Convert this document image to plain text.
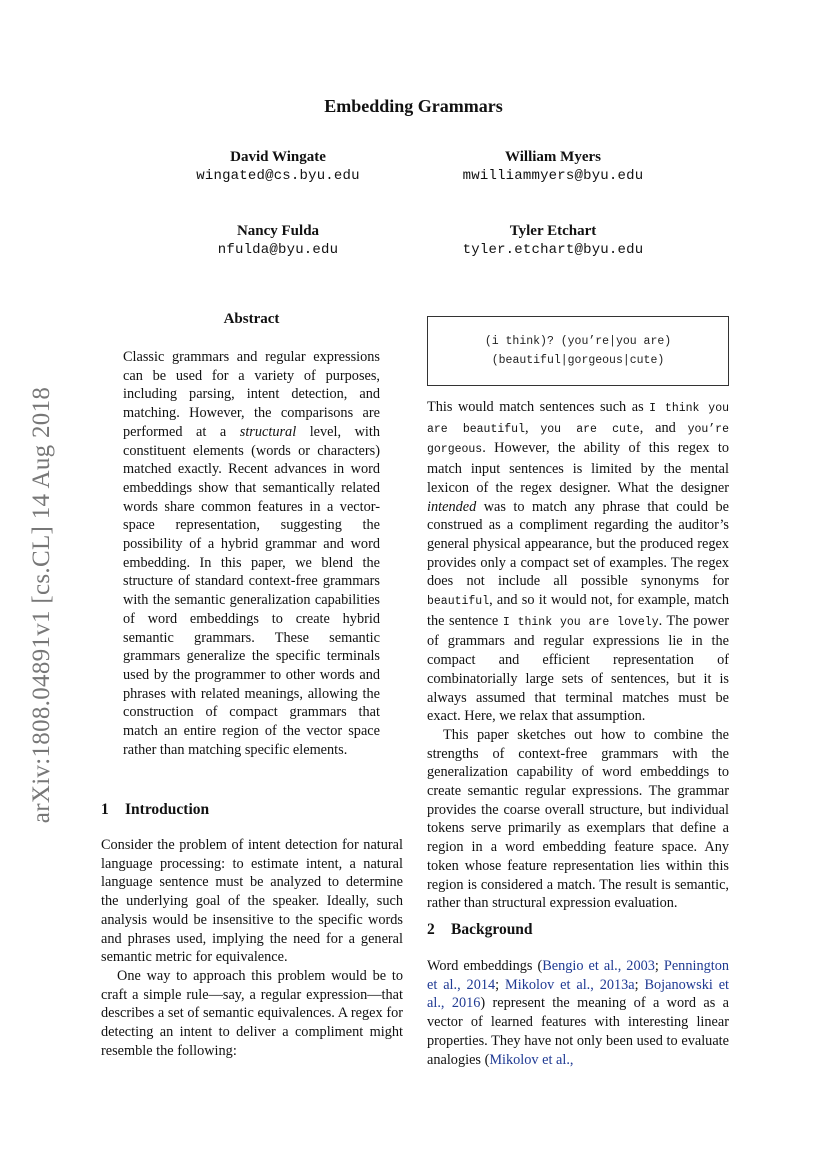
Embedding Grammars
David Wingate
wingated@cs.byu.edu
William Myers
mwilliammyers@byu.edu
Nancy Fulda
nfulda@byu.edu
Tyler Etchart
tyler.etchart@byu.edu
arXiv:1808.04891v1 [cs.CL] 14 Aug 2018
Abstract

Classic grammars and regular expressions can be used for a variety of purposes, including parsing, intent detection, and matching. However, the comparisons are performed at a structural level, with constituent elements (words or characters) matched exactly. Recent advances in word embeddings show that semantically related words share common features in a vector-space representation, suggesting the possibility of a hybrid grammar and word embedding. In this paper, we blend the structure of standard context-free grammars with the semantic generalization capabilities of word embeddings to create hybrid semantic grammars. These semantic grammars generalize the specific terminals used by the programmer to other words and phrases with related meanings, allowing the construction of compact grammars that match an entire region of the vector space rather than matching specific elements.

1 Introduction

Consider the problem of intent detection for natural language processing: to estimate intent, a natural language sentence must be analyzed to determine the underlying goal of the speaker. Ideally, such analysis would be insensitive to the specific words and phrases used, implying the need for a general semantic metric for equivalence.

One way to approach this problem would be to craft a simple rule—say, a regular expression—that describes a set of semantic equivalences. A regex for detecting an intent to deliver a compliment might resemble the following:

(i think)? (you’re|you are)
(beautiful|gorgeous|cute)

This would match sentences such as I think you are beautiful, you are cute, and you’re gorgeous. However, the ability of this regex to match input sentences is limited by the mental lexicon of the regex designer. What the designer intended was to match any phrase that could be construed as a compliment regarding the auditor’s general physical appearance, but the produced regex provides only a compact set of examples. The regex does not include all possible synonyms for beautiful, and so it would not, for example, match the sentence I think you are lovely. The power of grammars and regular expressions lie in the compact and efficient representation of combinatorially large sets of sentences, but it is always assumed that terminal matches must be exact. Here, we relax that assumption.

This paper sketches out how to combine the strengths of context-free grammars with the generalization capability of word embeddings to create semantic regular expressions. The grammar provides the coarse overall structure, but individual tokens serve primarily as exemplars that define a region in a word embedding feature space. Any token whose feature representation lies within this region is considered a match. The result is semantic, rather than structural expression evaluation.

2 Background

Word embeddings (Bengio et al., 2003; Pennington et al., 2014; Mikolov et al., 2013a; Bojanowski et al., 2016) represent the meaning of a word as a vector of learned features with interesting linear properties. They have not only been used to evaluate analogies (Mikolov et al.,
